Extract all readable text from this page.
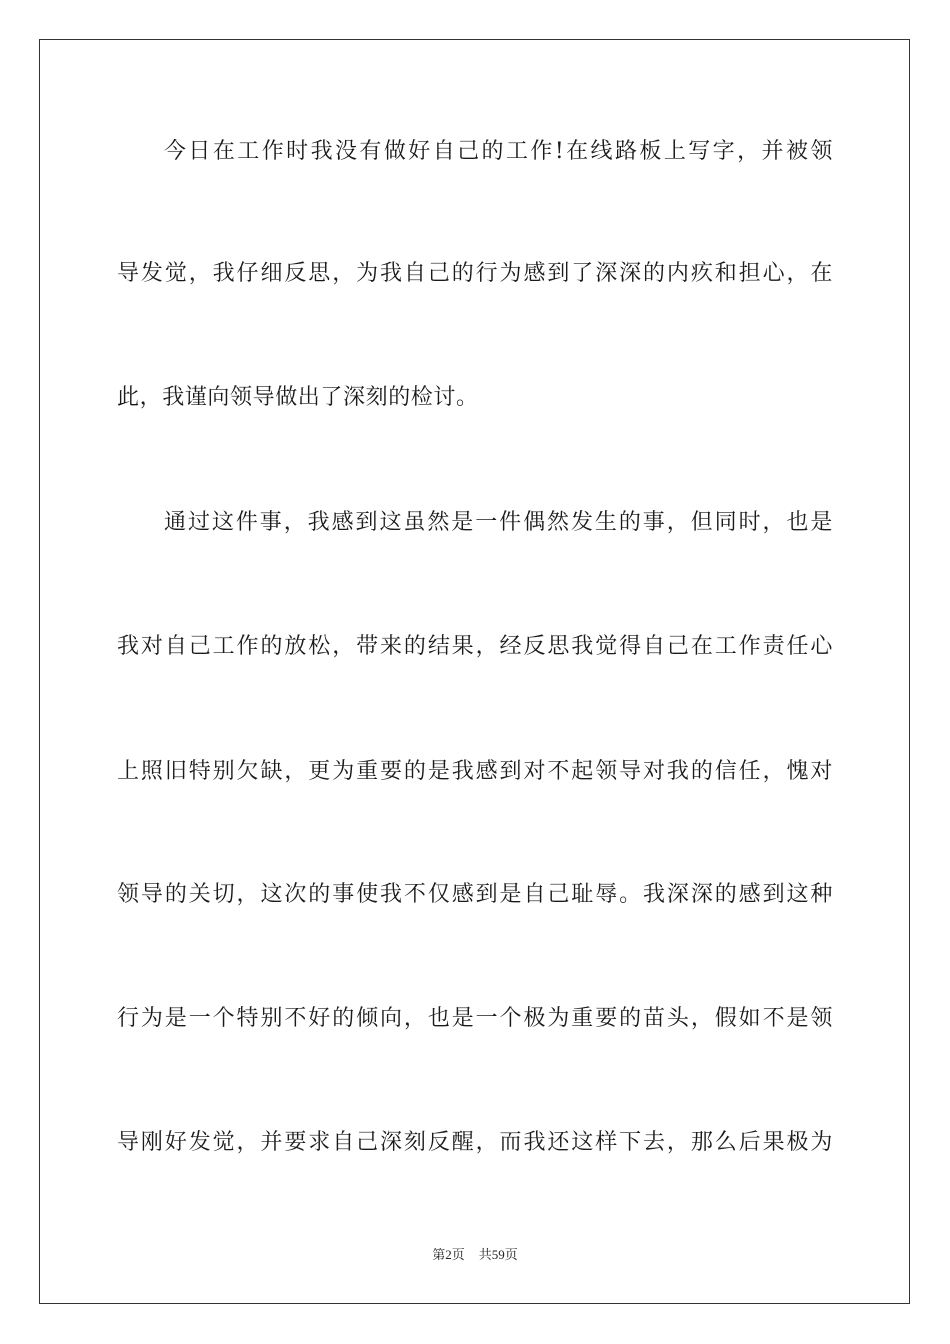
今日在工作时我没有做好自己的工作!在线路板上写字，并被领
导发觉，我仔细反思，为我自己的行为感到了深深的内疚和担心，在
此，我谨向领导做出了深刻的检讨。
通过这件事，我感到这虽然是一件偶然发生的事，但同时，也是
我对自己工作的放松，带来的结果，经反思我觉得自己在工作责任心
上照旧特别欠缺，更为重要的是我感到对不起领导对我的信任，愧对
领导的关切，这次的事使我不仅感到是自己耻辱。我深深的感到这种
行为是一个特别不好的倾向，也是一个极为重要的苗头，假如不是领
导刚好发觉，并要求自己深刻反醒，而我还这样下去，那么后果极为
第2页 共59页
